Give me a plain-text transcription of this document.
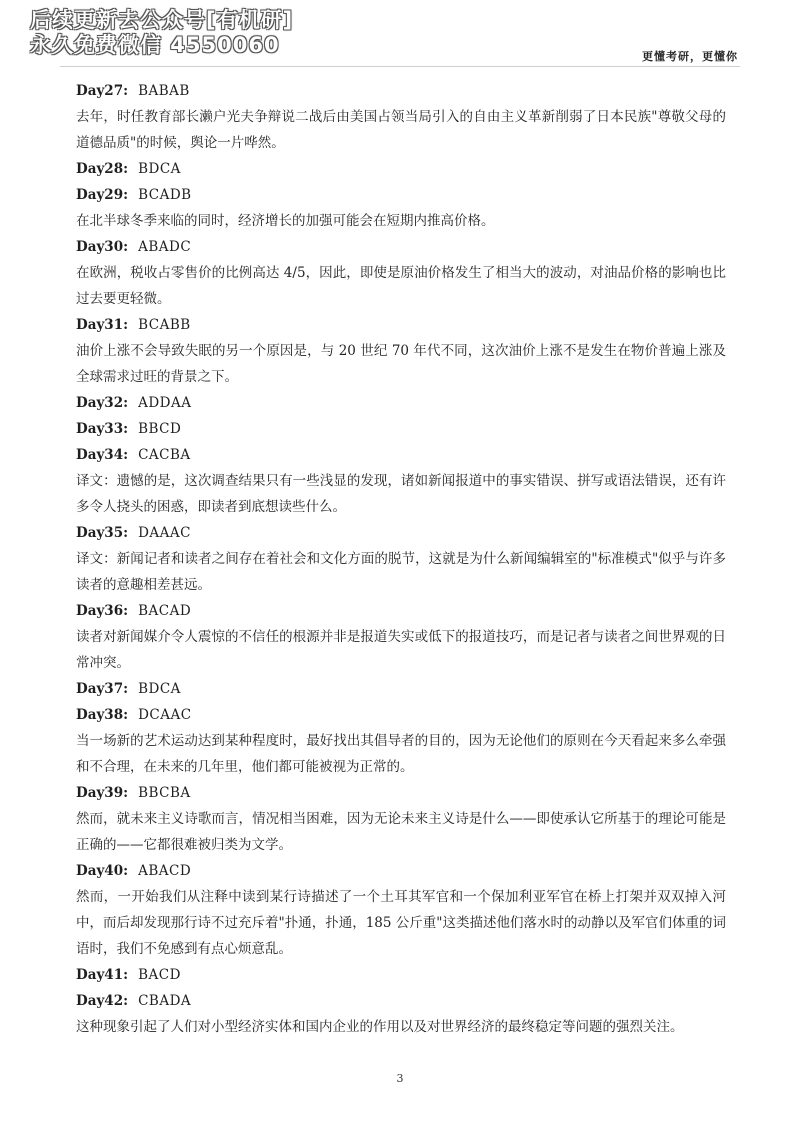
后续更新去公众号[有机研]
永久免费微信 4550060	更懂考研，更懂你

Day27: BABAB

去年，时任教育部长濑户光夫争辩说二战后由美国占领当局引入的自由主义革新削弱了日本民族"尊敬父母的道德品质"的时候，舆论一片哗然。

Day28: BDCA

Day29: BCADB

在北半球冬季来临的同时，经济增长的加强可能会在短期内推高价格。

Day30: ABADC

在欧洲，税收占零售价的比例高达 4/5，因此，即使是原油价格发生了相当大的波动，对油品价格的影响也比过去要更轻微。

Day31: BCABB

油价上涨不会导致失眠的另一个原因是，与 20 世纪 70 年代不同，这次油价上涨不是发生在物价普遍上涨及全球需求过旺的背景之下。

Day32: ADDAA

Day33: BBCD

Day34: CACBA

译文：遗憾的是，这次调查结果只有一些浅显的发现，诸如新闻报道中的事实错误、拼写或语法错误，还有许多令人挠头的困惑，即读者到底想读些什么。

Day35: DAAAC

译文：新闻记者和读者之间存在着社会和文化方面的脱节，这就是为什么新闻编辑室的"标准模式"似乎与许多读者的意趣相差甚远。

Day36: BACAD

读者对新闻媒介令人震惊的不信任的根源并非是报道失实或低下的报道技巧，而是记者与读者之间世界观的日常冲突。

Day37: BDCA

Day38: DCAAC

当一场新的艺术运动达到某种程度时，最好找出其倡导者的目的，因为无论他们的原则在今天看起来多么牵强和不合理，在未来的几年里，他们都可能被视为正常的。

Day39: BBCBA

然而，就未来主义诗歌而言，情况相当困难，因为无论未来主义诗是什么——即使承认它所基于的理论可能是正确的——它都很难被归类为文学。

Day40: ABACD

然而，一开始我们从注释中读到某行诗描述了一个土耳其军官和一个保加利亚军官在桥上打架并双双掉入河中，而后却发现那行诗不过充斥着"扑通，扑通，185 公斤重"这类描述他们落水时的动静以及军官们体重的词语时，我们不免感到有点心烦意乱。

Day41: BACD

Day42: CBADA

这种现象引起了人们对小型经济实体和国内企业的作用以及对世界经济的最终稳定等问题的强烈关注。

3
